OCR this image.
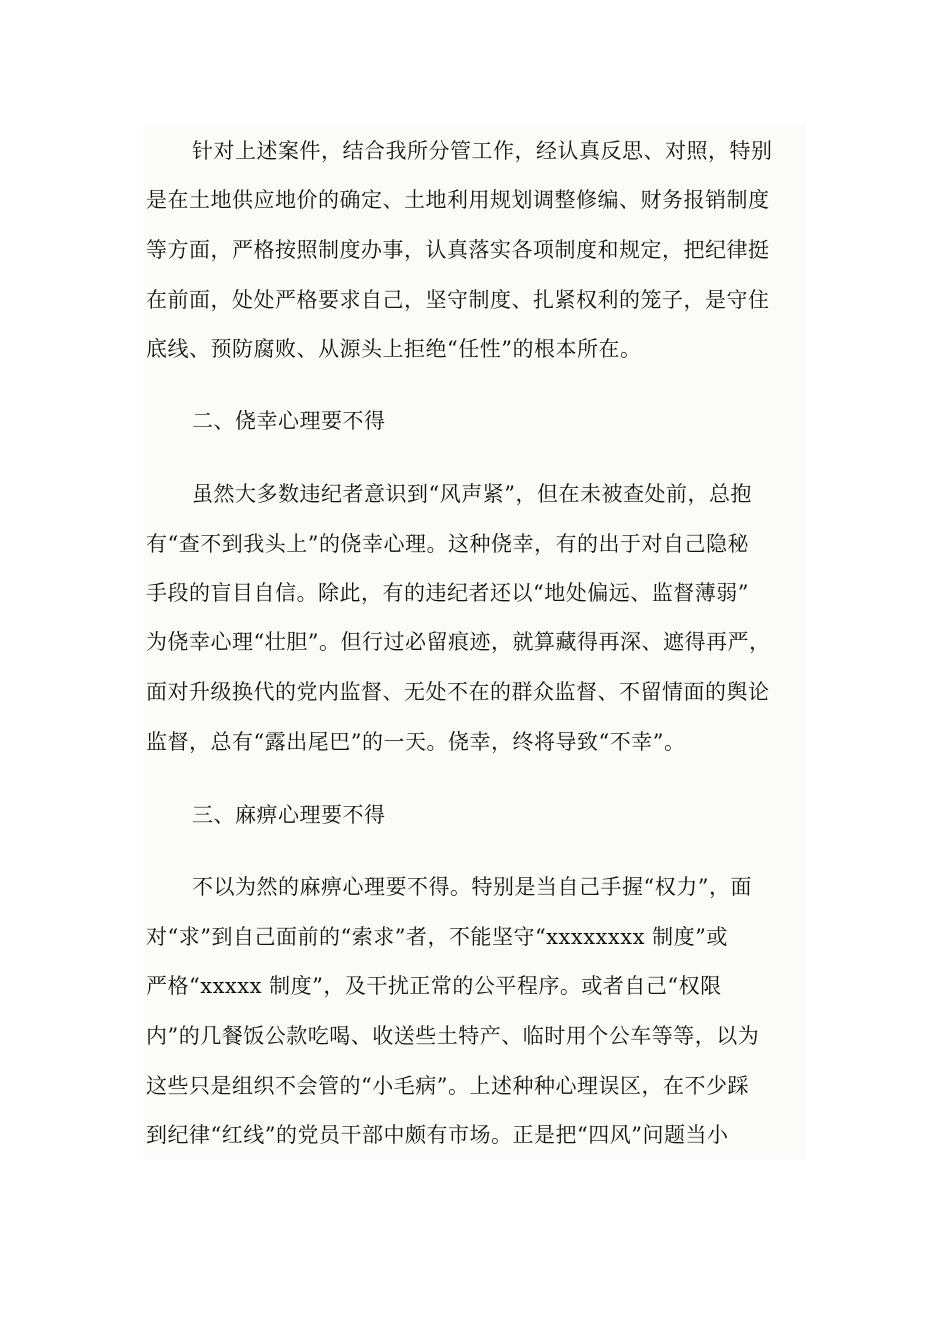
针对上述案件，结合我所分管工作，经认真反思、对照，特别
是在土地供应地价的确定、土地利用规划调整修编、财务报销制度
等方面，严格按照制度办事，认真落实各项制度和规定，把纪律挺
在前面，处处严格要求自己，坚守制度、扎紧权利的笼子，是守住
底线、预防腐败、从源头上拒绝“任性”的根本所在。
二、侥幸心理要不得
虽然大多数违纪者意识到“风声紧”，但在未被查处前，总抱
有“查不到我头上”的侥幸心理。这种侥幸，有的出于对自己隐秘
手段的盲目自信。除此，有的违纪者还以“地处偏远、监督薄弱”
为侥幸心理“壮胆”。但行过必留痕迹，就算藏得再深、遮得再严，
面对升级换代的党内监督、无处不在的群众监督、不留情面的舆论
监督，总有“露出尾巴”的一天。侥幸，终将导致“不幸”。
三、麻痹心理要不得
不以为然的麻痹心理要不得。特别是当自己手握“权力”，面
对“求”到自己面前的“索求”者，不能坚守“xxxxxxxx 制度”或
严格“xxxxx 制度”，及干扰正常的公平程序。或者自己“权限
内”的几餐饭公款吃喝、收送些土特产、临时用个公车等等，以为
这些只是组织不会管的“小毛病”。上述种种心理误区，在不少踩
到纪律“红线”的党员干部中颇有市场。正是把“四风”问题当小
